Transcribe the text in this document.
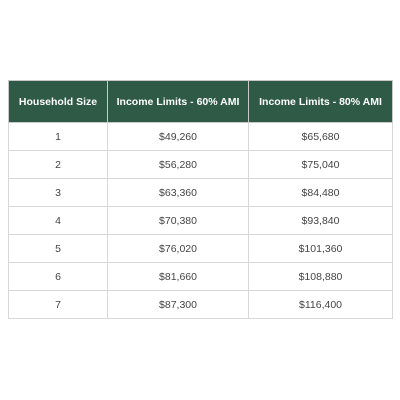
Household Size	Income Limits - 60% AMI	Income Limits - 80% AMI
1	$49,260	$65,680
2	$56,280	$75,040
3	$63,360	$84,480
4	$70,380	$93,840
5	$76,020	$101,360
6	$81,660	$108,880
7	$87,300	$116,400
